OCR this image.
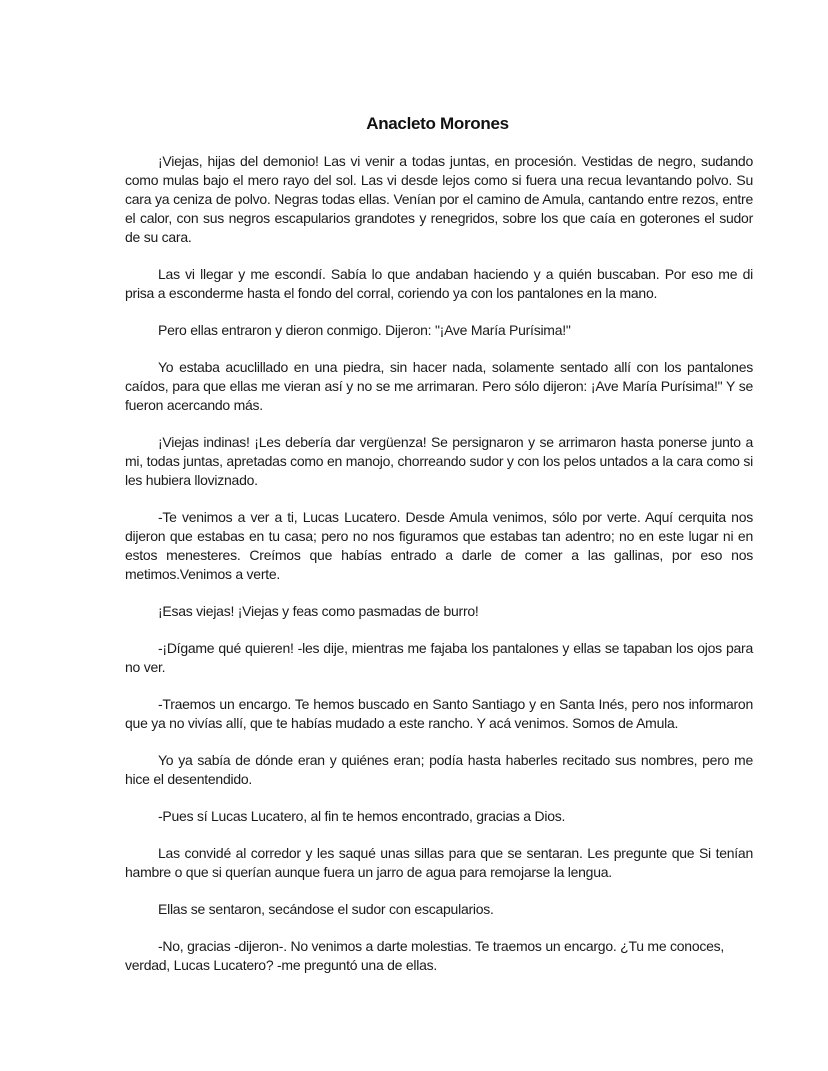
Anacleto Morones

¡Viejas, hijas del demonio! Las vi venir a todas juntas, en procesión. Vestidas de negro, sudando como mulas bajo el mero rayo del sol. Las vi desde lejos como si fuera una recua levantando polvo. Su cara ya ceniza de polvo. Negras todas ellas. Venían por el camino de Amula, cantando entre rezos, entre el calor, con sus negros escapularios grandotes y renegridos, sobre los que caía en goterones el sudor de su cara.

Las vi llegar y me escondí. Sabía lo que andaban haciendo y a quién buscaban. Por eso me di prisa a esconderme hasta el fondo del corral, coriendo ya con los pantalones en la mano.

Pero ellas entraron y dieron conmigo. Dijeron: "¡Ave María Purísima!"

Yo estaba acuclillado en una piedra, sin hacer nada, solamente sentado allí con los pantalones caídos, para que ellas me vieran así y no se me arrimaran. Pero sólo dijeron: ¡Ave María Purísima!" Y se fueron acercando más.

¡Viejas indinas! ¡Les debería dar vergüenza! Se persignaron y se arrimaron hasta ponerse junto a mi, todas juntas, apretadas como en manojo, chorreando sudor y con los pelos untados a la cara como si les hubiera lloviznado.

-Te venimos a ver a ti, Lucas Lucatero. Desde Amula venimos, sólo por verte. Aquí cerquita nos dijeron que estabas en tu casa; pero no nos figuramos que estabas tan adentro; no en este lugar ni en estos menesteres. Creímos que habías entrado a darle de comer a las gallinas, por eso nos metimos.Venimos a verte.

¡Esas viejas! ¡Viejas y feas como pasmadas de burro!

-¡Dígame qué quieren! -les dije, mientras me fajaba los pantalones y ellas se tapaban los ojos para no ver.

-Traemos un encargo. Te hemos buscado en Santo Santiago y en Santa Inés, pero nos informaron que ya no vivías allí, que te habías mudado a este rancho. Y acá venimos. Somos de Amula.

Yo ya sabía de dónde eran y quiénes eran; podía hasta haberles recitado sus nombres, pero me hice el desentendido.

-Pues sí Lucas Lucatero, al fin te hemos encontrado, gracias a Dios.

Las convidé al corredor y les saqué unas sillas para que se sentaran. Les pregunte que Si tenían hambre o que si querían aunque fuera un jarro de agua para remojarse la lengua.

Ellas se sentaron, secándose el sudor con escapularios.

-No, gracias -dijeron-. No venimos a darte molestias. Te traemos un encargo. ¿Tu me conoces, verdad, Lucas Lucatero? -me preguntó una de ellas.
